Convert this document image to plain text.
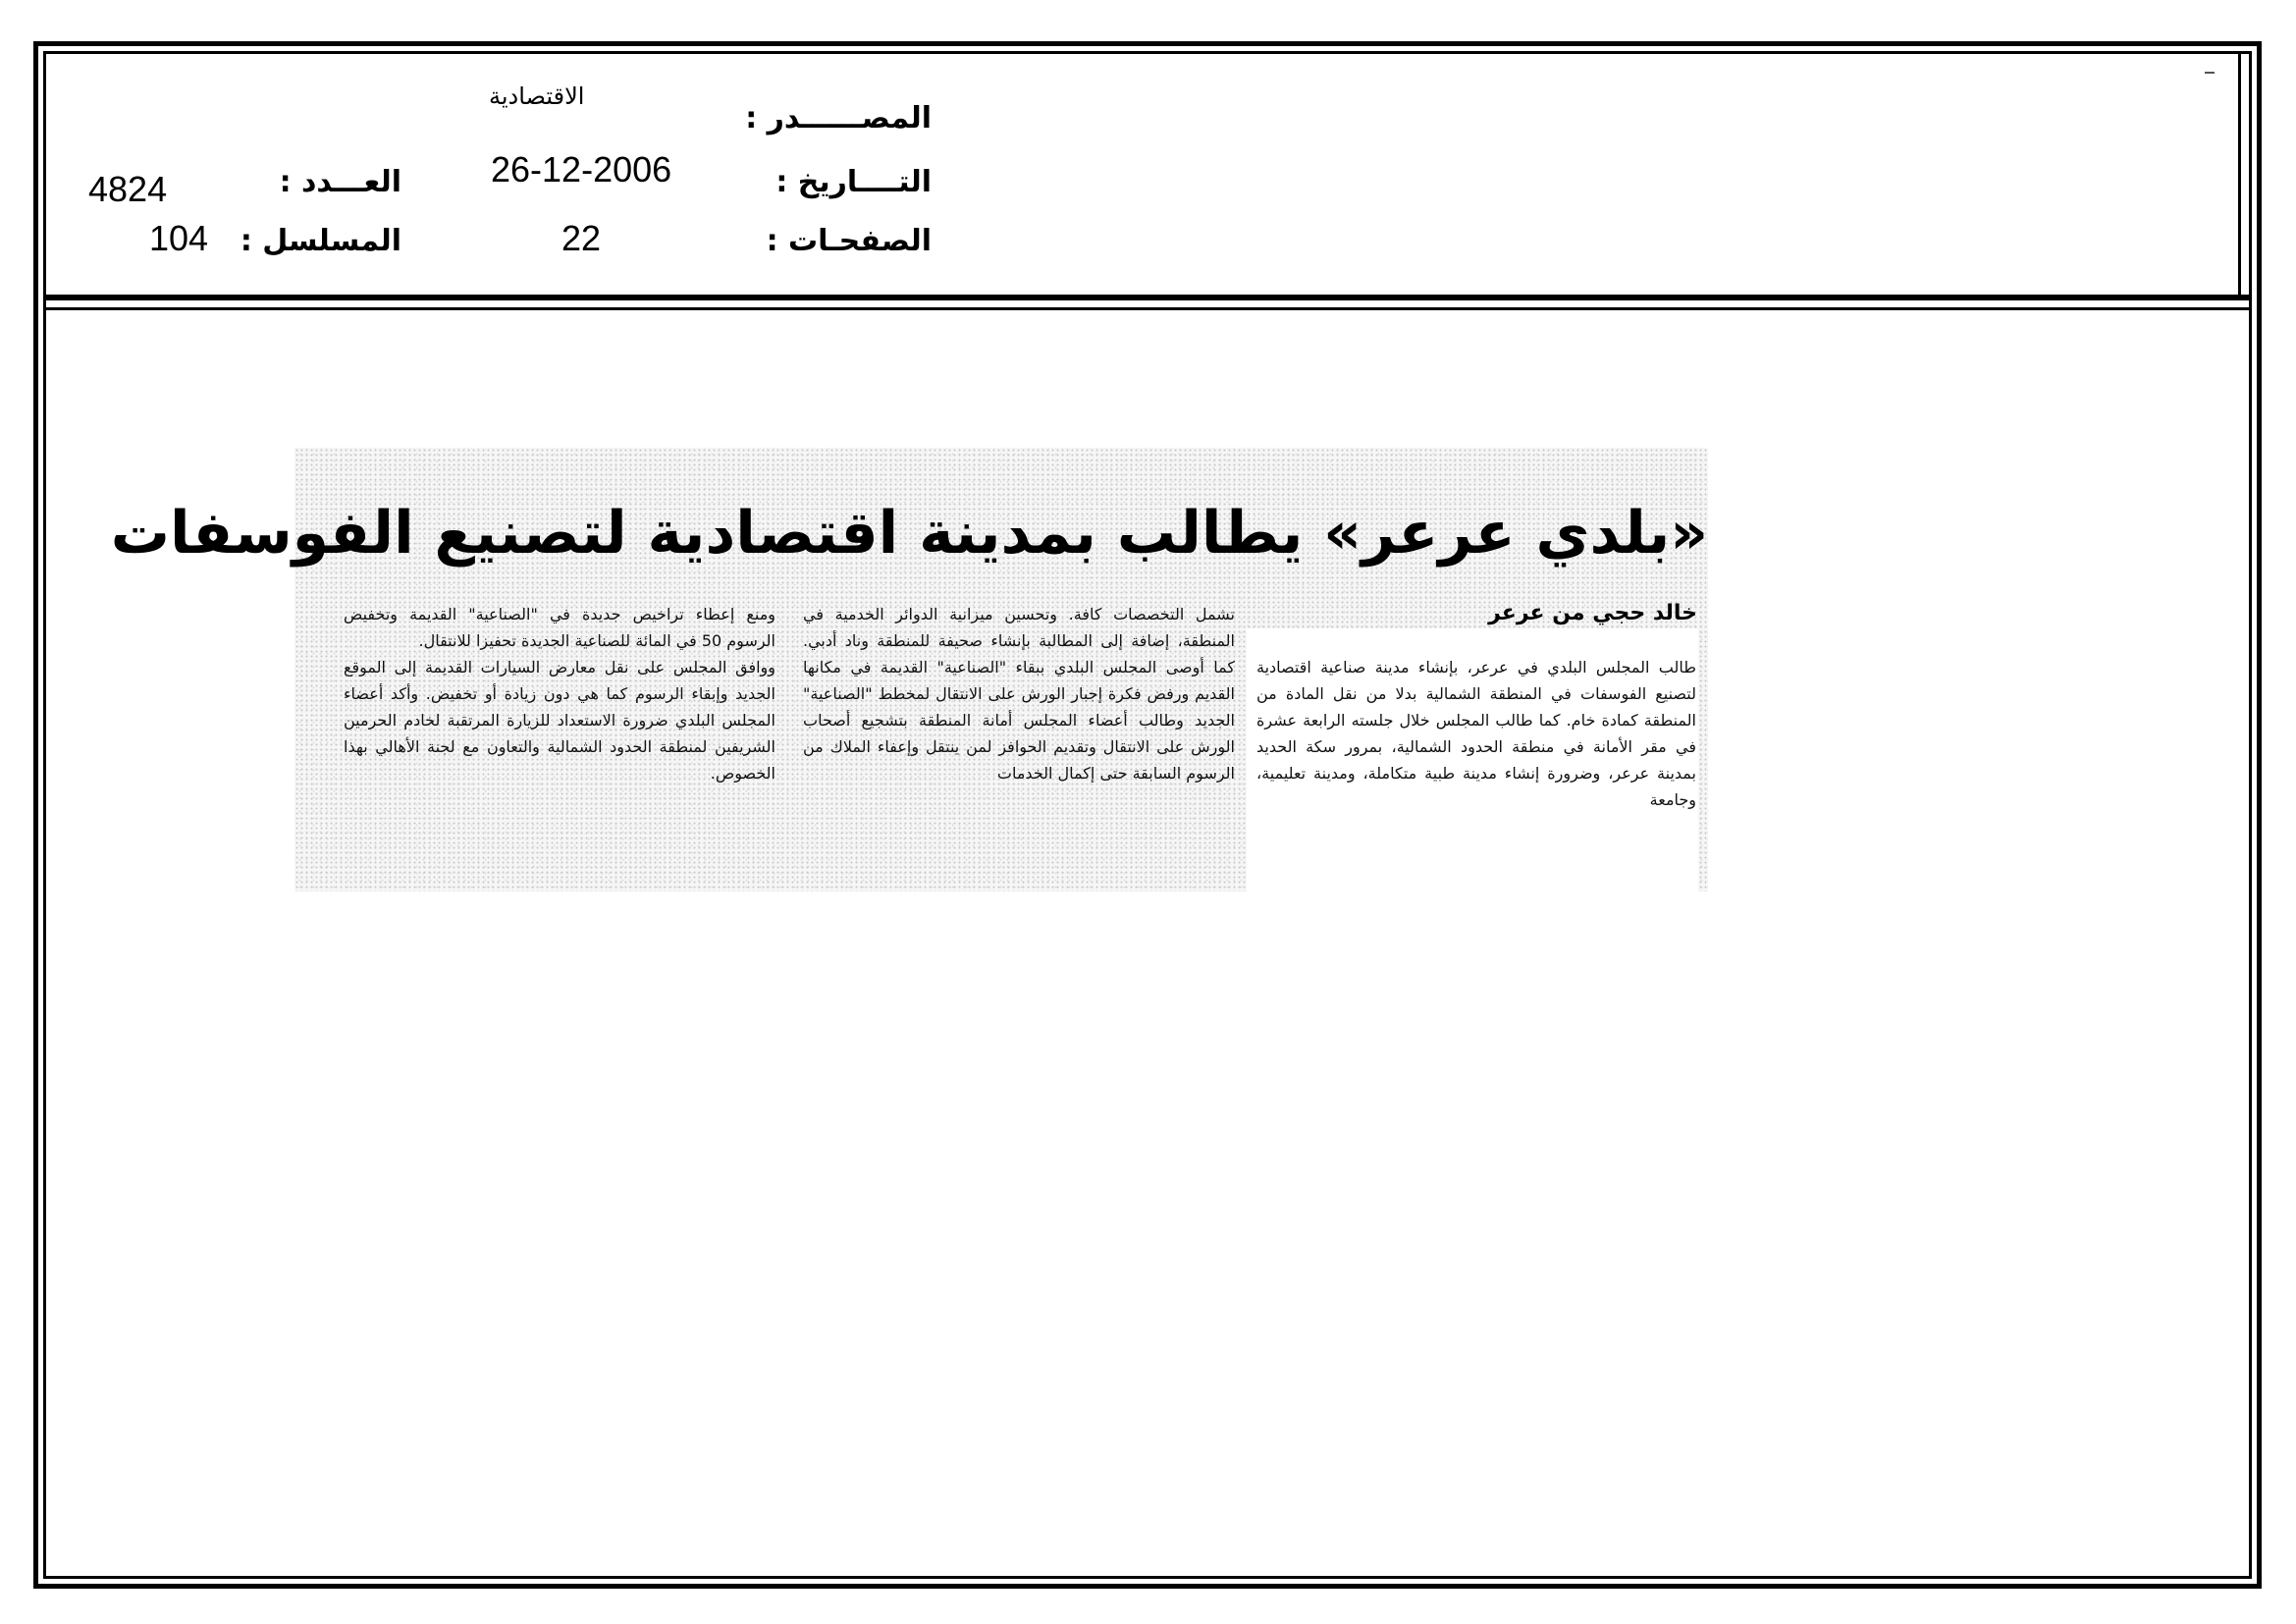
المصــــــدر :
الاقتصادية
التــــاريخ :
26-12-2006
الصفحـات :
22
العـــدد :
4824
المسلسل :
104
«بلدي عرعر» يطالب بمدينة اقتصادية لتصنيع الفوسفات
خالد حجي من عرعر

طالب المجلس البلدي في عرعر، بإنشاء مدينة صناعية اقتصادية لتصنيع الفوسفات في المنطقة الشمالية بدلا من نقل المادة من المنطقة كمادة خام. كما طالب المجلس خلال جلسته الرابعة عشرة في مقر الأمانة في منطقة الحدود الشمالية، بمرور سكة الحديد بمدينة عرعر، وضرورة إنشاء مدينة طبية متكاملة، ومدينة تعليمية، وجامعة

تشمل التخصصات كافة. وتحسين ميزانية الدوائر الخدمية في المنطقة، إضافة إلى المطالبة بإنشاء صحيفة للمنطقة وناد أدبي. كما أوصى المجلس البلدي ببقاء "الصناعية" القديمة في مكانها القديم ورفض فكرة إجبار الورش على الانتقال لمخطط "الصناعية" الجديد وطالب أعضاء المجلس أمانة المنطقة بتشجيع أصحاب الورش على الانتقال وتقديم الحوافز لمن ينتقل وإعفاء الملاك من الرسوم السابقة حتى إكمال الخدمات

ومنع إعطاء تراخيص جديدة في "الصناعية" القديمة وتخفيض الرسوم 50 في المائة للصناعية الجديدة تحفيزا للانتقال.

ووافق المجلس على نقل معارض السيارات القديمة إلى الموقع الجديد وإبقاء الرسوم كما هي دون زيادة أو تخفيض. وأكد أعضاء المجلس البلدي ضرورة الاستعداد للزيارة المرتقبة لخادم الحرمين الشريفين لمنطقة الحدود الشمالية والتعاون مع لجنة الأهالي بهذا الخصوص.
